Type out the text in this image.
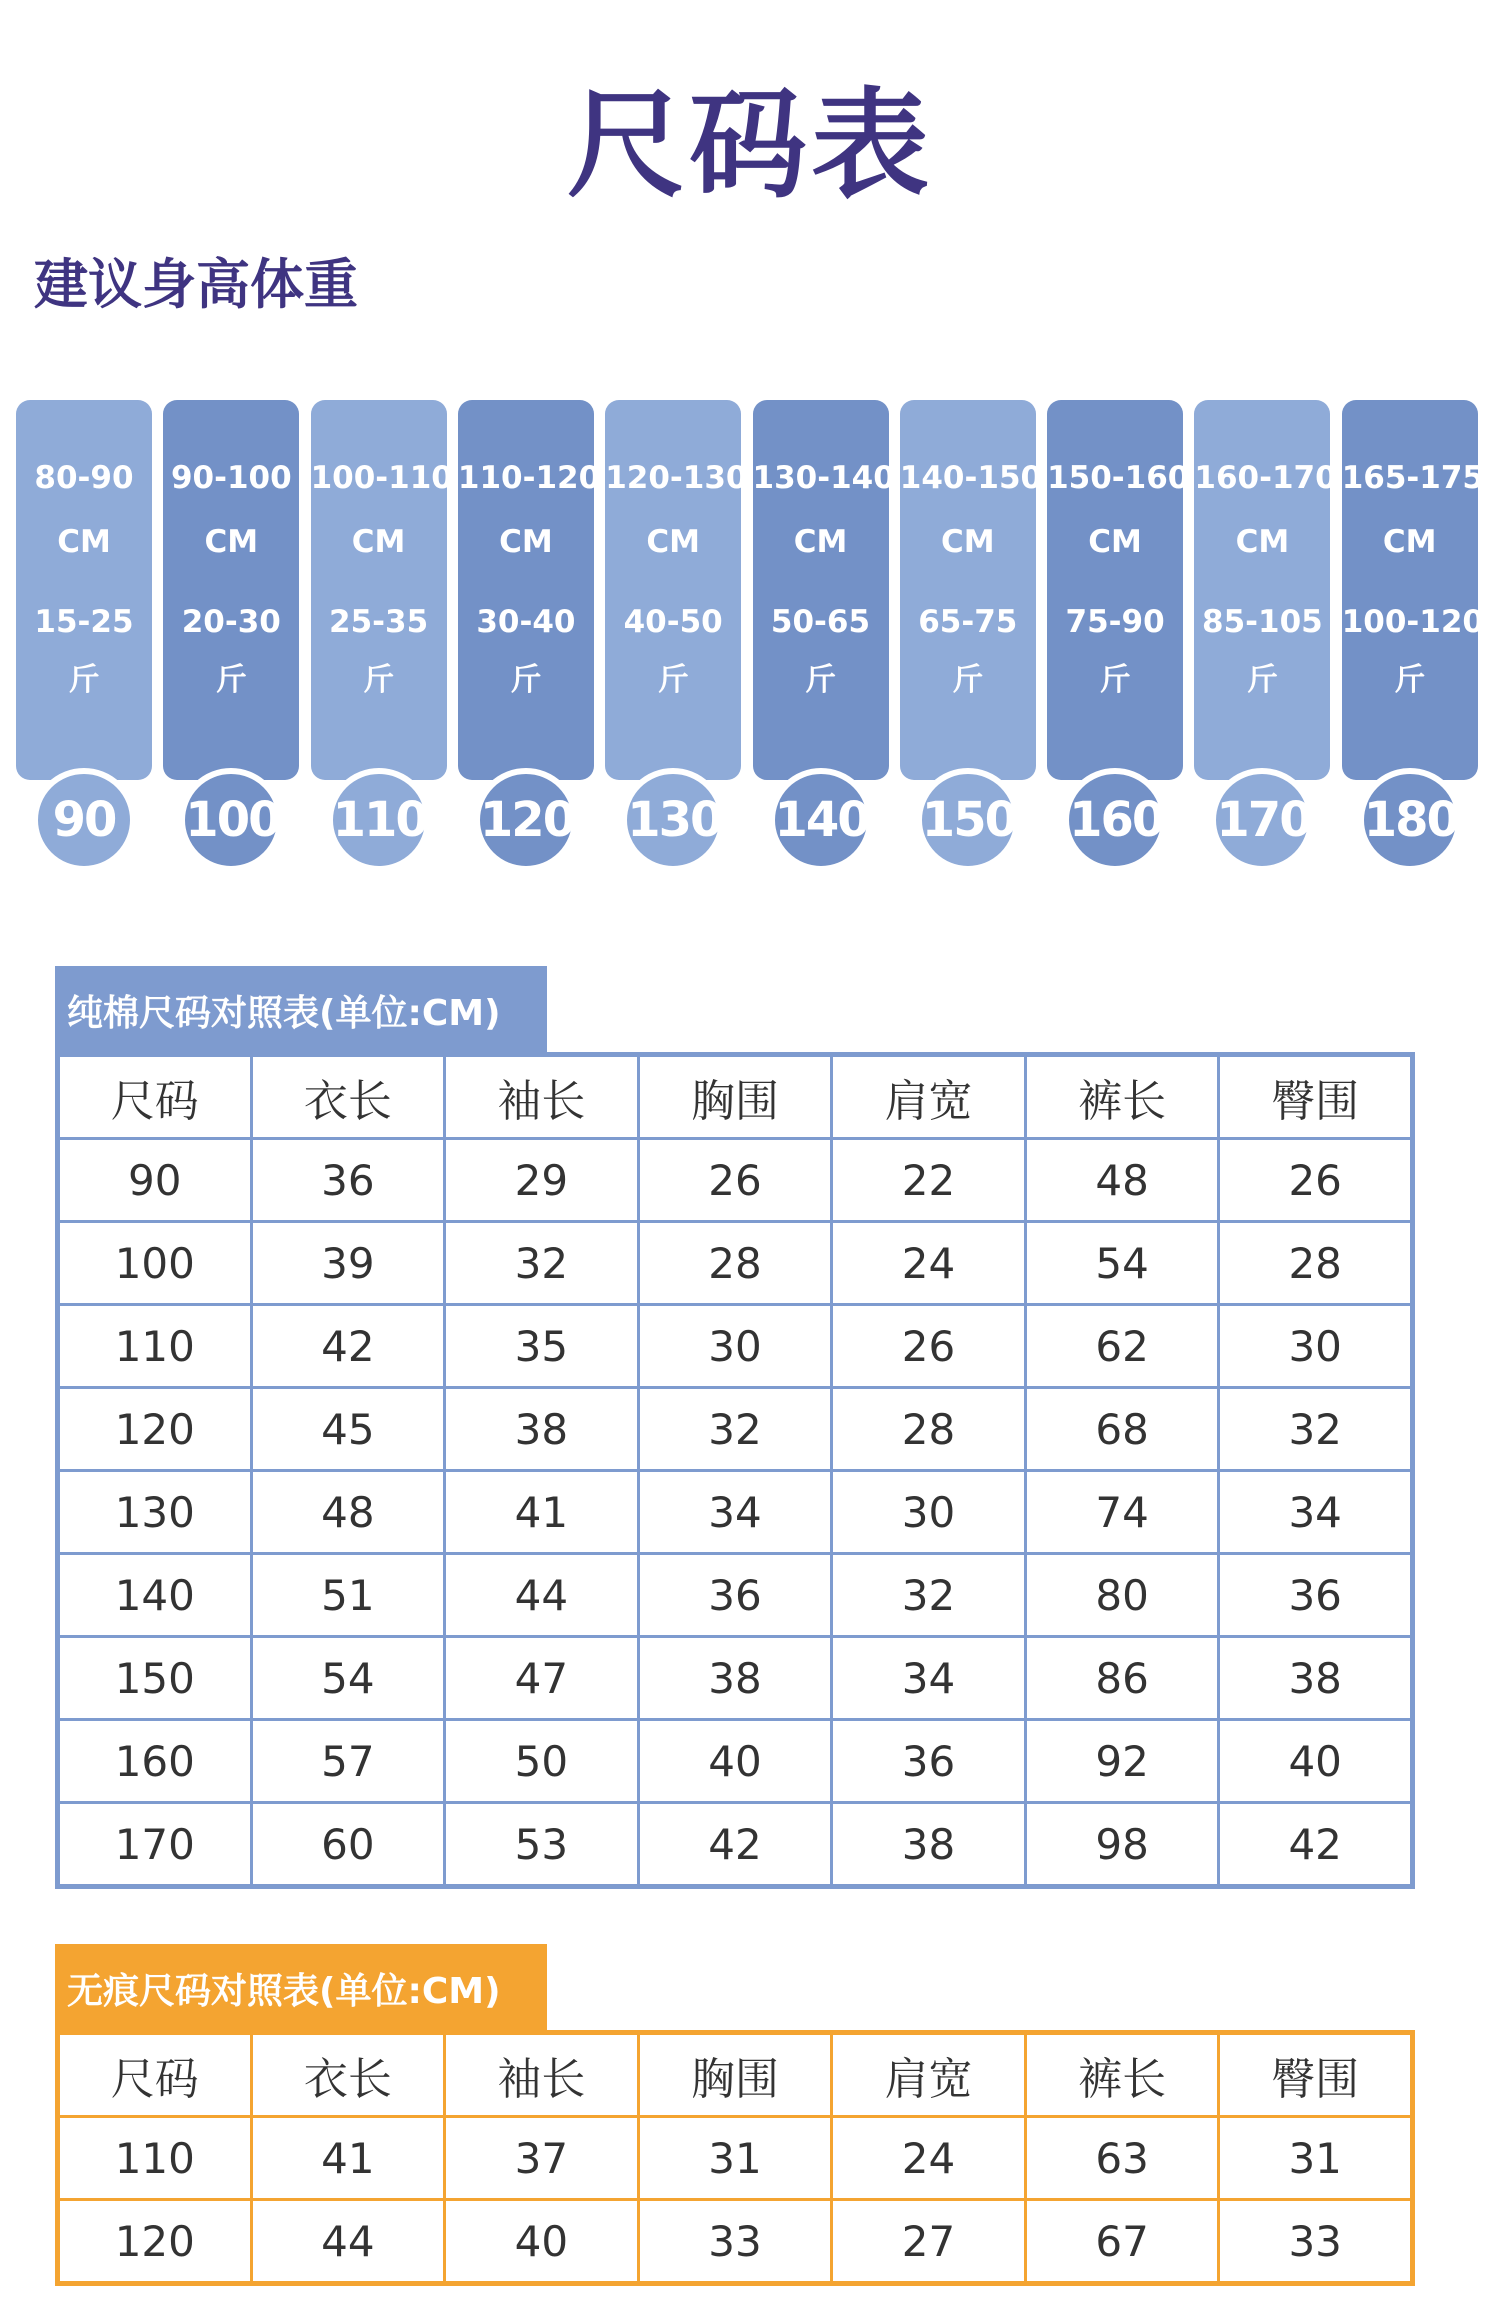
尺码表
建议身高体重
80-90
CM
15-25
斤
90
90-100
CM
20-30
斤
100
100-110
CM
25-35
斤
110
110-120
CM
30-40
斤
120
120-130
CM
40-50
斤
130
130-140
CM
50-65
斤
140
140-150
CM
65-75
斤
150
150-160
CM
75-90
斤
160
160-170
CM
85-105
斤
170
165-175
CM
100-120
斤
180
纯棉尺码对照表(单位:CM)
尺码	衣长	袖长	胸围	肩宽	裤长	臀围
90	36	29	26	22	48	26
100	39	32	28	24	54	28
110	42	35	30	26	62	30
120	45	38	32	28	68	32
130	48	41	34	30	74	34
140	51	44	36	32	80	36
150	54	47	38	34	86	38
160	57	50	40	36	92	40
170	60	53	42	38	98	42
无痕尺码对照表(单位:CM)
尺码	衣长	袖长	胸围	肩宽	裤长	臀围
110	41	37	31	24	63	31
120	44	40	33	27	67	33
